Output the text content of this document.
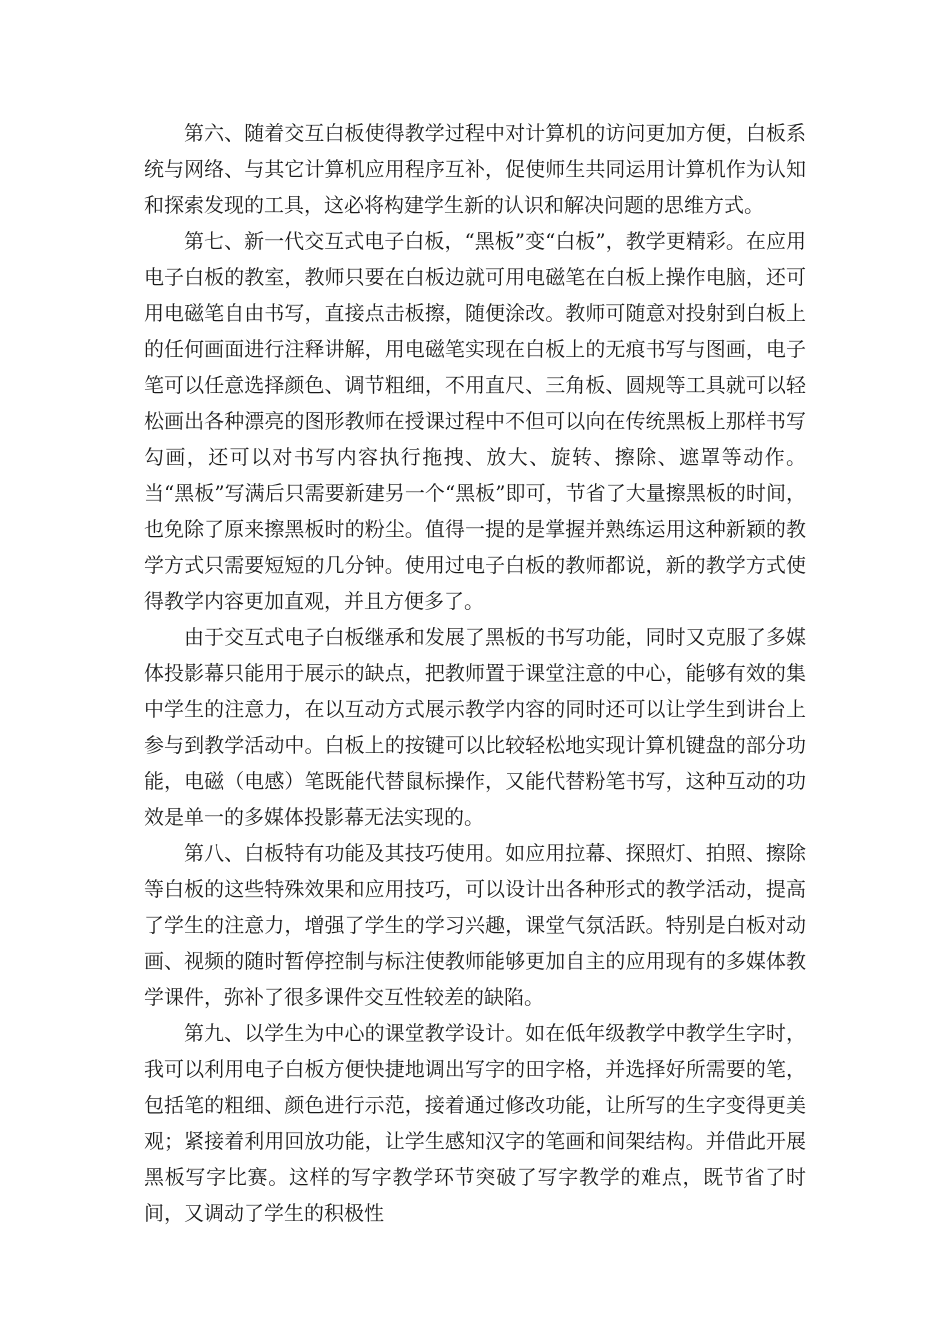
第六、随着交互白板使得教学过程中对计算机的访问更加方便，白板系统与网络、与其它计算机应用程序互补，促使师生共同运用计算机作为认知和探索发现的工具，这必将构建学生新的认识和解决问题的思维方式。

第七、新一代交互式电子白板，“黑板”变“白板”，教学更精彩。在应用电子白板的教室，教师只要在白板边就可用电磁笔在白板上操作电脑，还可用电磁笔自由书写，直接点击板擦，随便涂改。教师可随意对投射到白板上的任何画面进行注释讲解，用电磁笔实现在白板上的无痕书写与图画，电子笔可以任意选择颜色、调节粗细，不用直尺、三角板、圆规等工具就可以轻松画出各种漂亮的图形教师在授课过程中不但可以向在传统黑板上那样书写勾画，还可以对书写内容执行拖拽、放大、旋转、擦除、遮罩等动作。当“黑板”写满后只需要新建另一个“黑板”即可，节省了大量擦黑板的时间，也免除了原来擦黑板时的粉尘。值得一提的是掌握并熟练运用这种新颖的教学方式只需要短短的几分钟。使用过电子白板的教师都说，新的教学方式使得教学内容更加直观，并且方便多了。

由于交互式电子白板继承和发展了黑板的书写功能，同时又克服了多媒体投影幕只能用于展示的缺点，把教师置于课堂注意的中心，能够有效的集中学生的注意力，在以互动方式展示教学内容的同时还可以让学生到讲台上参与到教学活动中。白板上的按键可以比较轻松地实现计算机键盘的部分功能，电磁（电感）笔既能代替鼠标操作，又能代替粉笔书写，这种互动的功效是单一的多媒体投影幕无法实现的。

第八、白板特有功能及其技巧使用。如应用拉幕、探照灯、拍照、擦除等白板的这些特殊效果和应用技巧，可以设计出各种形式的教学活动，提高了学生的注意力，增强了学生的学习兴趣，课堂气氛活跃。特别是白板对动画、视频的随时暂停控制与标注使教师能够更加自主的应用现有的多媒体教学课件，弥补了很多课件交互性较差的缺陷。

第九、以学生为中心的课堂教学设计。如在低年级教学中教学生字时，我可以利用电子白板方便快捷地调出写字的田字格，并选择好所需要的笔，包括笔的粗细、颜色进行示范，接着通过修改功能，让所写的生字变得更美观；紧接着利用回放功能，让学生感知汉字的笔画和间架结构。并借此开展黑板写字比赛。这样的写字教学环节突破了写字教学的难点，既节省了时间，又调动了学生的积极性
